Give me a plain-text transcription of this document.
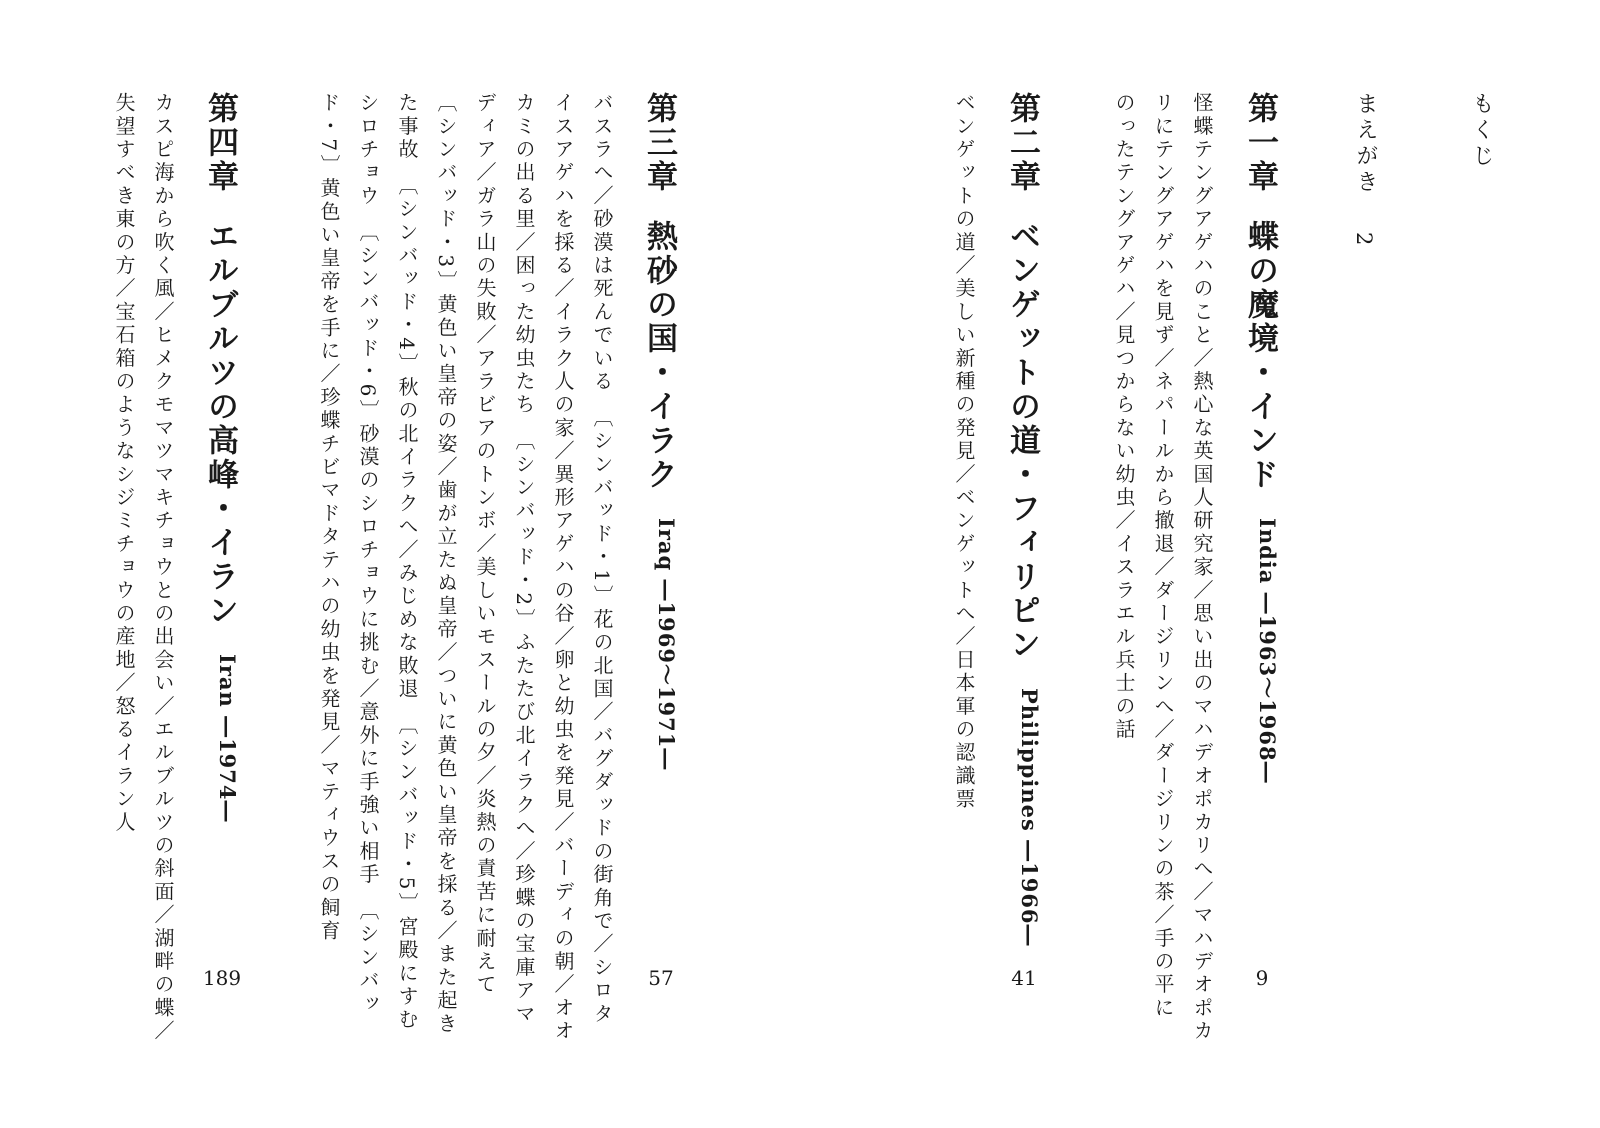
もくじ
まえがき
2
第一章蝶の魔境・インドIndia ―1963〜1968―
怪蝶テングアゲハのこと／熱心な英国人研究家／思い出のマハデオポカリへ／マハデオポカ
リにテングアゲハを見ず／ネパールから撤退／ダージリンへ／ダージリンの茶／手の平に
のったテングアゲハ／見つからない幼虫／イスラエル兵士の話
9
第二章ベンゲットの道・フィリピンPhilippines ―1966―
ベンゲットの道／美しい新種の発見／ベンゲットへ／日本軍の認識票
41
第三章熱砂の国・イラクIraq ―1969〜1971―
バスラへ／砂漠は死んでいる　〔シンバッド・1〕花の北国／バグダッドの街角で／シロタ
イスアゲハを採る／イラク人の家／異形アゲハの谷／卵と幼虫を発見／バーディの朝／オオ
カミの出る里／困った幼虫たち　〔シンバッド・2〕ふたたび北イラクへ／珍蝶の宝庫アマ
ディア／ガラ山の失敗／アラビアのトンボ／美しいモスールの夕／炎熱の責苦に耐えて
〔シンバッド・3〕黄色い皇帝の姿／歯が立たぬ皇帝／ついに黄色い皇帝を採る／また起き
た事故　〔シンバッド・4〕秋の北イラクへ／みじめな敗退　〔シンバッド・5〕宮殿にすむ
シロチョウ　〔シンバッド・6〕砂漠のシロチョウに挑む／意外に手強い相手　〔シンバッ
ド・7〕黄色い皇帝を手に／珍蝶チビマドタテハの幼虫を発見／マティウスの飼育
57
第四章エルブルツの高峰・イランIran ―1974―
カスピ海から吹く風／ヒメクモマツマキチョウとの出会い／エルブルツの斜面／湖畔の蝶／
失望すべき東の方／宝石箱のようなシジミチョウの産地／怒るイラン人
189
